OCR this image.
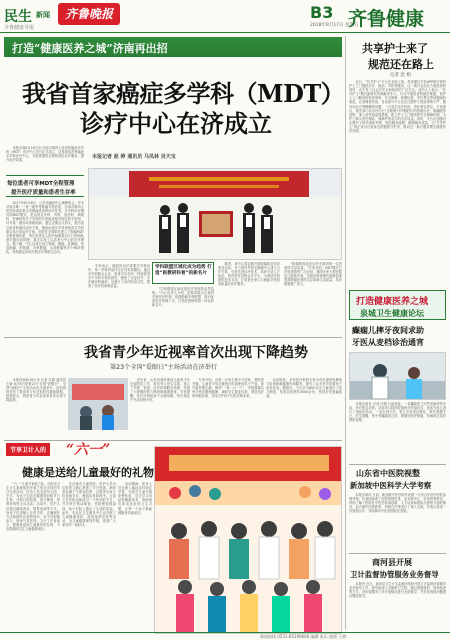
民生 新闻	齐鲁晚报
齐鲁健康导报
B3
2018年8月17日 星期五
齐鲁健康
打造“健康医养之城”济南再出招
我省首家癌症多学科（MDT）
诊疗中心在济成立
本报记者 赵 婷 通讯员 马凤林 吴天宝
　　本报济南8月16日讯 济南市第四人民医院癌症多学科（MDT）诊疗中心近日正式成立，这是我省首家癌症多学科诊疗中心，为患者提供全程规范化诊疗服务，提升治疗效果。
每位患者可享MDT全程管理
提升医疗质量和患者生存率
　　2017年8月16日，山东省癌症中心揭牌成立。作为济南市唯一一家三级甲等肿瘤专科医院，济南市第四人民医院承担着全市肿瘤患者的诊疗任务。多学科诊疗模式即MDT模式，是由来自外科、内科、放疗科、病理科、影像科等多个学科的专家组成相对固定的专家组，针对某一器官或系统疾病，通过定期会议形式，提出适合患者的最佳治疗方案，继而由相关学科单独或多学科联合执行该治疗方案。医院在全国率先建立了肿瘤MDT全程管理体系，每位患者从入院开始都将由专门的团队进行随访和管理，真正实现了以患者为中心的诊疗理念。据了解，中心目前已设立胃癌、肺癌、乳腺癌、结直肠癌、肝胆胰、妇科肿瘤、头颈肿瘤等多个MDT团队，每周固定时间开展多学科联合会诊。
　　专家表示，癌症的治疗需要多学科协作，单一学科的治疗往往具有局限性。通过多学科联合会诊，患者可以在同一时间获得多个学科专家的意见，避免了反复挂号、多次就诊的麻烦，也减少了治疗的盲目性，提高了诊疗效率和质量。
学科联盟区域化成为趋势 打造“医教研科普”的新名片
　　"学科联盟区域化是医疗发展的必然趋势。"中心负责人介绍，医院将联合区域内多家医疗机构，组建肿瘤专科联盟，推动优质医疗资源下沉，打造医教研科普一体化的新名片。
　　据悉，该中心将定期开展肿瘤防治知识普及活动，并与国内外知名肿瘤中心建立合作关系，引进先进诊疗技术，培养专业人才队伍。同时依托远程会诊平台，为基层医院提供技术支持，让患者在家门口就能享受到高质量的诊疗服务。
　　"肿瘤的规范化诊疗关系到每一位患者的生存质量。"专家介绍，MDT模式已在欧美国家广泛应用，我国多家大型医院也已陆续开展，实践证明该模式能够显著提高肿瘤患者的生存率和生活质量，具有重要推广意义。
我省青少年近视率首次出现下降趋势
第23个全国“爱眼日”主场活动在济举行
　　本报济南6月6日讯 记者 沈娟 通讯员 王晓 6月6日是第23个全国"爱眼日"，全国"爱眼日"主场活动在济南举行。活动现场发布了我省青少年近视防控最新数据，数据显示，我省青少年近视率首次出现下降趋势。
　　近年来，山东省高度重视儿童青少年近视防控工作，将其列入民生实事，建立了学校、家庭、医疗机构联动机制，开展了大规模的视力筛查和健康教育。专家提醒，家长应督促孩子合理用眼，每天保证户外活动两小时。
　　专家介绍，近视一旦发生便不可逆转，预防是关键。儿童青少年应避免长时间使用电子产品，读写姿势要正确，保持"一拳一尺一寸"。学校要落实每天两次眼保健操，减轻学生课业负担，营造良好的用眼环境，共同守护孩子们的光明未来。
　　活动现场，多家医疗机构专家为市民提供免费视力检查和眼健康咨询服务，吸引了众多家长带着孩子前来参加。据统计，当天共为800余名儿童进行了视力筛查，发放宣传资料3000余份，受到市民普遍欢迎。
节享卫计人的 “六一”
健康是送给儿童最好的礼物
　　"六一"儿童节来临之际，济南市卫生计生系统组织开展了形式多样的节日关爱活动。医务人员走进幼儿园、小学，为孩子们送去健康知识和节日礼物，开展口腔检查、视力筛查、营养咨询等义诊活动。活动中，医护人员通过趣味游戏、情景表演等方式，向孩子们讲解七步洗手法、正确刷牙方法和预防近视的知识，孩子们积极参与，现场气氛热烈。卫计工作者表示，健康是送给儿童最好的礼物，今后将继续关注儿童健康成长。
　　在济南市儿童医院，医护人员为住院患儿精心准备了节日惊喜，病房里挂满了气球和彩带，志愿者为孩子们表演节目、赠送玩具和图书，让患儿在医院也能度过一个快乐的节日。许多家长感动地说，医院想得很周到，孩子们脸上露出了久违的笑容。此外，各社区卫生服务中心也开展了儿童健康体检、疫苗接种宣传等活动，为儿童健康保驾护航，受到广大家长的一致好评。
　　活动期间，医务人员还深入偏远农村地区学校，为留守儿童开展免费体检，送去学习用品和健康读本，帮助他们养成良好的卫生习惯，让每一个孩子都能健康快乐地成长。
共享护士来了
规范还在路上
记者 沈 娟
　　近日，"共享护士"平台在多地上线，患者通过手机APP即可预约护士上门提供打针、换药、导尿等服务。这一新兴业态在方便患者的同时，也引发了社会对安全和规范的广泛关注。业内人士表示，"共享护士"模式能够有效缓解老年人、行动不便患者的就医难题，但护士上门服务的资质审核、安全保障、收费标准、责任界定等问题亟待规范。记者调查发现，目前部分平台存在注册护士资质审核不严、服务项目边界模糊等问题，一旦发生医疗纠纷，责任难以界定。专家建议，相关部门应尽快出台"互联网+护理服务"的管理办法，明确服务范围、准入条件和监管措施，建立护士上门服务的安全保障机制，为护士购买责任保险，保障护患双方的合法权益。同时，平台应加强对注册护士的培训和考核，规范服务流程，确保服务质量，让"共享护士"真正成为百姓身边的健康守护者，推动这一新兴服务模式健康有序发展。
打造健康医养之城
泉城卫生健康论坛
癫痫儿摔牙夜间求助
牙医从麦档诊治通宵
　　本报济南讯 记者 沈娟 日前深夜，一名癫痫患儿突然发病摔伤牙齿，家长焦急求助。济南市口腔医院值班牙医接诊后，连夜为患儿进行了细致的诊治，一直忙到天亮，患儿牙齿得以保住，家长感激不已。医生提醒，家中有癫痫患儿的，要做好防护措施，发病时应及时就医处理。
山东省中医院视整
新加坡中医科学大学考察
　　本报济南讯 日前，新加坡中医学院代表团一行到山东省中医院参观考察。代表团参观了医院的国医堂、治未病中心、针灸科等科室，详细了解了医院在中医药传承创新、人才培养和国际交流等方面的情况。双方就中医药教育、科研合作等进行了深入交流，并表示将进一步加强合作，共同推动中医药国际化发展。
商河县开展
卫计监督协管服务业务督导
　　本报讯 近日，商河县卫生计生监督所组织开展卫计监督协管服务业务督导工作，督导组深入各镇街卫生院，通过查阅资料、现场检查等方式，对协管服务工作开展情况进行全面督导，并对发现的问题提出整改意见。
新闻热线 0531-85196666 编辑 张乐 组版 王婷
